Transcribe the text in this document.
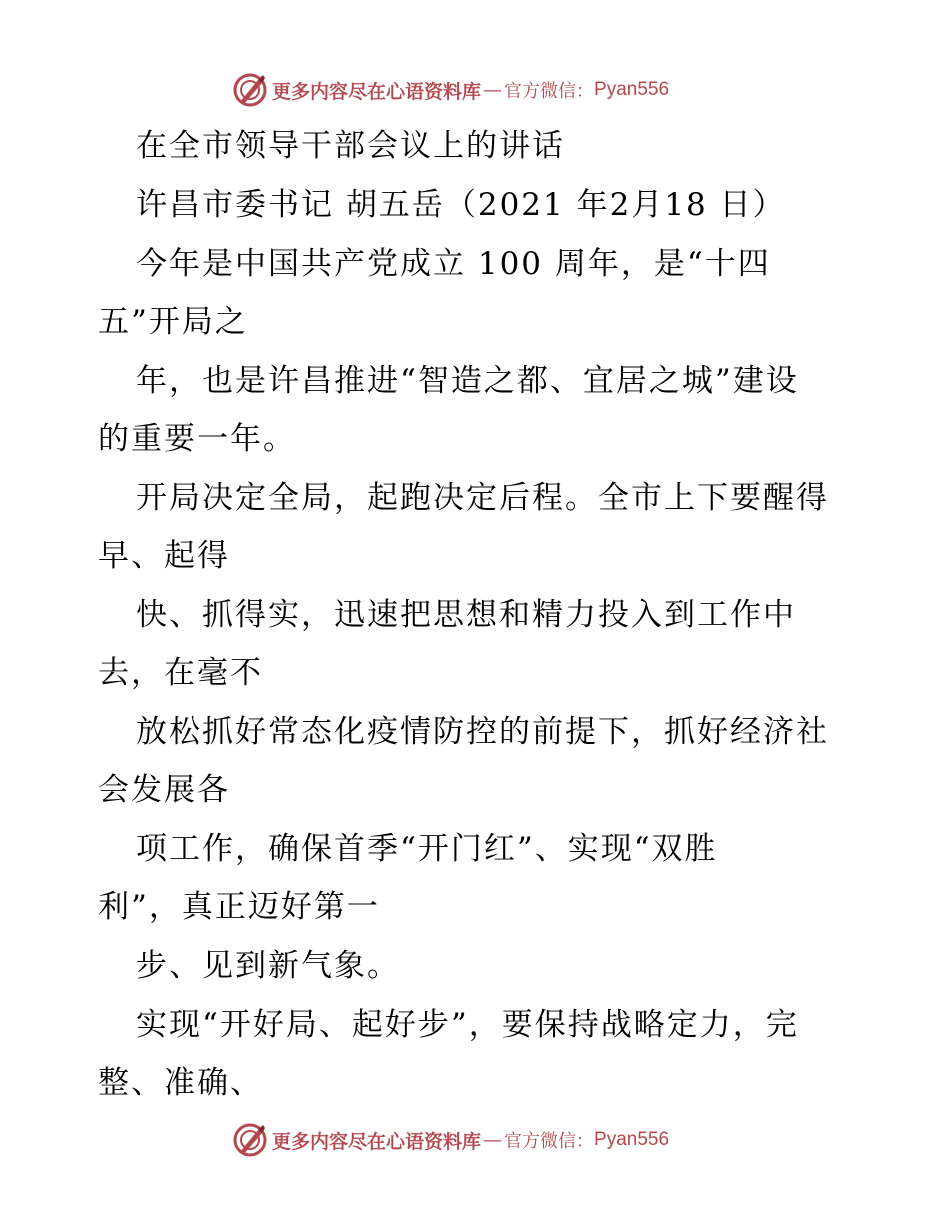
更多内容尽在心语资料库 — 官方微信： Pyan556
在全市领导干部会议上的讲话
许昌市委书记 胡五岳（2021 年2月18 日）
今年是中国共产党成立 100 周年，是“十四
五”开局之
年，也是许昌推进“智造之都、宜居之城”建设
的重要一年。
开局决定全局，起跑决定后程。全市上下要醒得
早、起得
快、抓得实，迅速把思想和精力投入到工作中
去，在毫不
放松抓好常态化疫情防控的前提下，抓好经济社
会发展各
项工作，确保首季“开门红”、实现“双胜
利”，真正迈好第一
步、见到新气象。
实现“开好局、起好步”，要保持战略定力，完
整、准确、
更多内容尽在心语资料库 — 官方微信： Pyan556
